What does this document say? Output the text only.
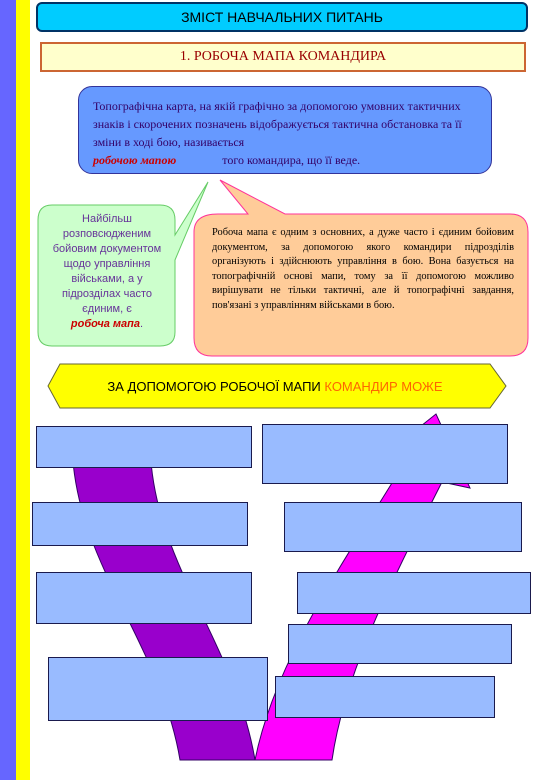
ЗМІСТ НАВЧАЛЬНИХ ПИТАНЬ
1. РОБОЧА МАПА КОМАНДИРА
Топографічна карта, на якій графічно за допомогою умовних тактичних знаків і скорочених позначень відображується тактична обстановка та її зміни в ході бою, називається
робочою мапою	того командира, що її веде.
Найбільш розповсюдженим бойовим документом щодо управління військами, а у підрозділах часто єдиним, є
робоча мапа.
Робоча мапа є одним з основних, а дуже часто і єдиним бойовим документом, за допомогою якого командири підрозділів організують і здійснюють управління в бою. Вона базується на топографічній основі мапи, тому за її допомогою можливо вирішувати не тільки тактичні, але й топографічні завдання, пов'язані з управлінням військами в бою.
ЗА ДОПОМОГОЮ РОБОЧОЇ МАПИ КОМАНДИР МОЖЕ
